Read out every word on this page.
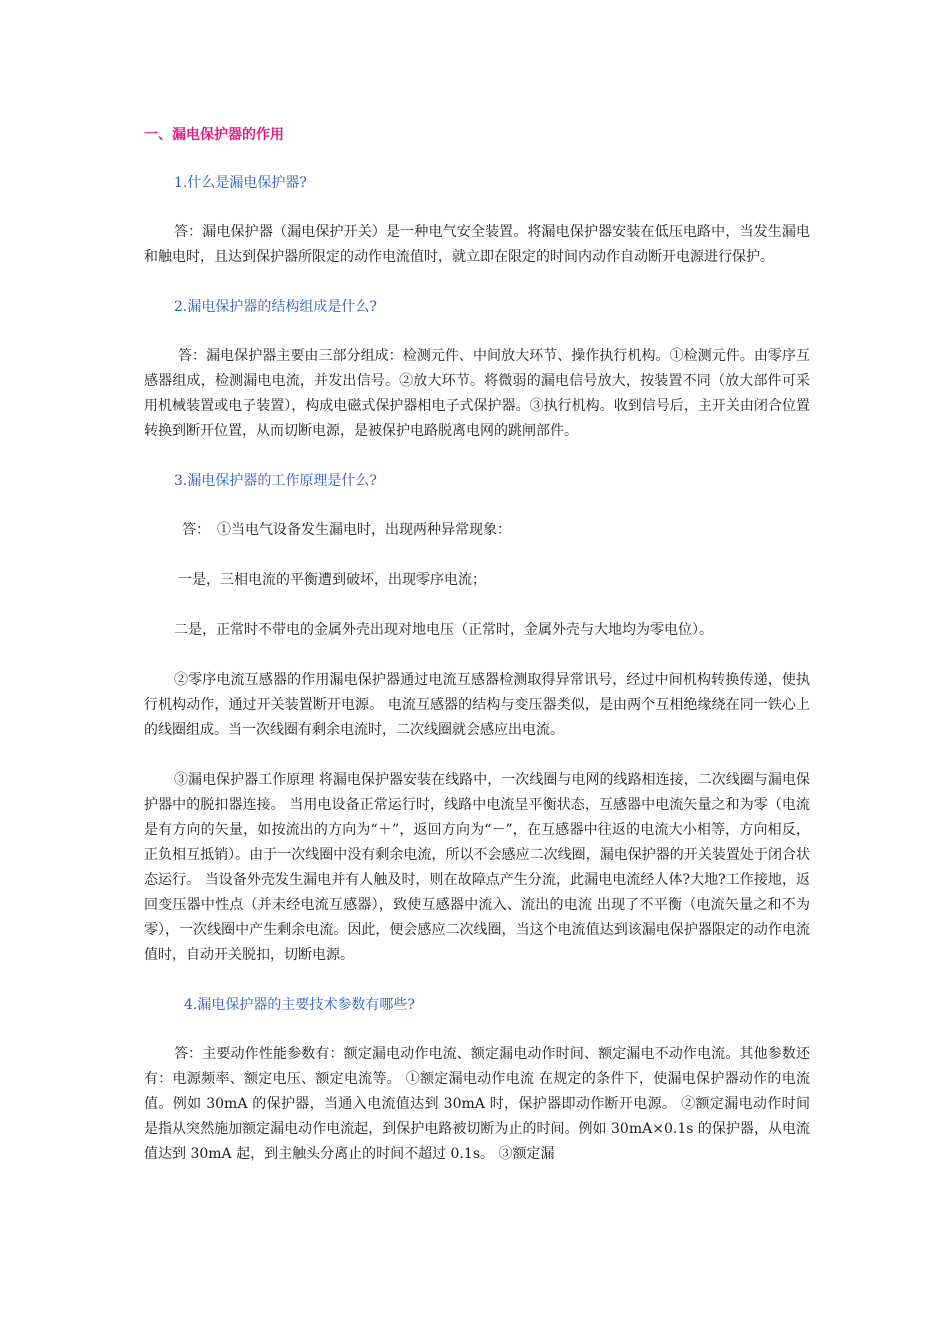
一、漏电保护器的作用
1.什么是漏电保护器?

答：漏电保护器（漏电保护开关）是一种电气安全装置。将漏电保护器安装在低压电路中，当发生漏电和触电时，且达到保护器所限定的动作电流值时，就立即在限定的时间内动作自动断开电源进行保护。

2.漏电保护器的结构组成是什么?

答：漏电保护器主要由三部分组成：检测元件、中间放大环节、操作执行机构。①检测元件。由零序互感器组成，检测漏电电流，并发出信号。②放大环节。将微弱的漏电信号放大，按装置不同（放大部件可采用机械装置或电子装置），构成电磁式保护器相电子式保护器。③执行机构。收到信号后，主开关由闭合位置转换到断开位置，从而切断电源，是被保护电路脱离电网的跳闸部件。

3.漏电保护器的工作原理是什么?

答：　①当电气设备发生漏电时，出现两种异常现象：

一是，三相电流的平衡遭到破坏，出现零序电流；

二是，正常时不带电的金属外壳出现对地电压（正常时，金属外壳与大地均为零电位）。

②零序电流互感器的作用漏电保护器通过电流互感器检测取得异常讯号，经过中间机构转换传递，使执行机构动作，通过开关装置断开电源。 电流互感器的结构与变压器类似，是由两个互相绝缘绕在同一铁心上的线圈组成。当一次线圈有剩余电流时，二次线圈就会感应出电流。

③漏电保护器工作原理 将漏电保护器安装在线路中，一次线圈与电网的线路相连接，二次线圈与漏电保护器中的脱扣器连接。 当用电设备正常运行时，线路中电流呈平衡状态，互感器中电流矢量之和为零（电流是有方向的矢量，如按流出的方向为“＋”，返回方向为“－”，在互感器中往返的电流大小相等，方向相反，正负相互抵销）。由于一次线圈中没有剩余电流，所以不会感应二次线圈，漏电保护器的开关装置处于闭合状态运行。 当设备外壳发生漏电并有人触及时，则在故障点产生分流，此漏电电流经人体?大地?工作接地，返回变压器中性点（并未经电流互感器），致使互感器中流入、流出的电流 出现了不平衡（电流矢量之和不为零），一次线圈中产生剩余电流。因此，便会感应二次线圈，当这个电流值达到该漏电保护器限定的动作电流值时，自动开关脱扣，切断电源。

4.漏电保护器的主要技术参数有哪些?

答：主要动作性能参数有：额定漏电动作电流、额定漏电动作时间、额定漏电不动作电流。其他参数还有：电源频率、额定电压、额定电流等。 ①额定漏电动作电流 在规定的条件下，使漏电保护器动作的电流值。例如 30mA 的保护器，当通入电流值达到 30mA 时，保护器即动作断开电源。 ②额定漏电动作时间 是指从突然施加额定漏电动作电流起，到保护电路被切断为止的时间。例如 30mA×0.1s 的保护器，从电流值达到 30mA 起，到主触头分离止的时间不超过 0.1s。 ③额定漏
